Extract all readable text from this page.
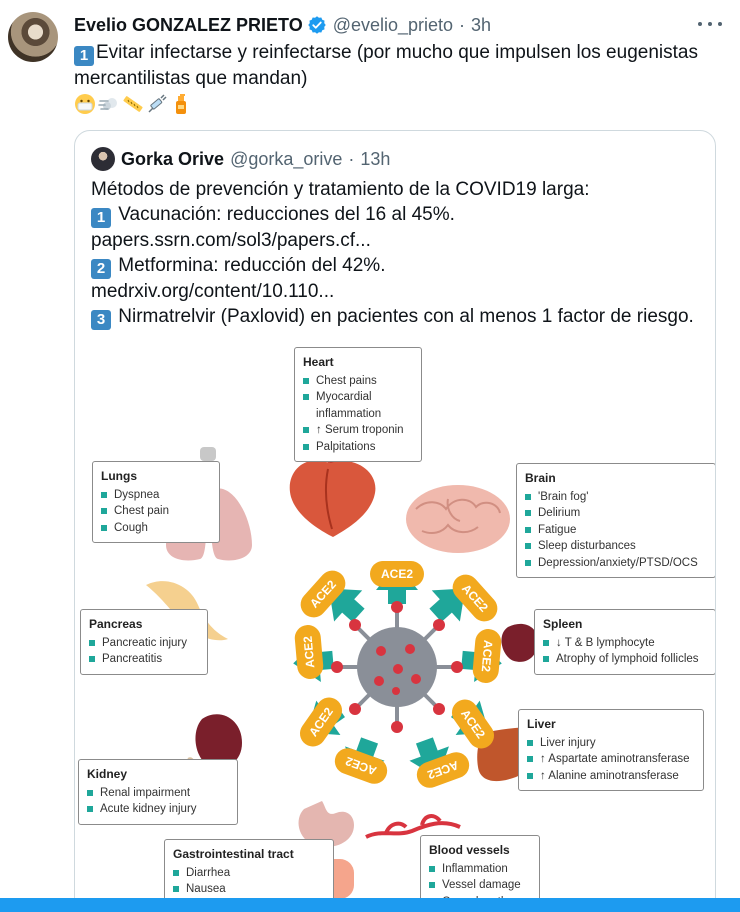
Evelio GONZALEZ PRIETO @evelio_prieto · 3h
1 Evitar infectarse y reinfectarse (por mucho que impulsen los eugenistas mercantilistas que mandan)
Gorka Orive @gorka_orive · 13h
Métodos de prevención y tratamiento de la COVID19 larga:
1 Vacunación: reducciones del 16 al 45%.
papers.ssrn.com/sol3/papers.cf...
2 Metformina: reducción del 42%.
medrxiv.org/content/10.110...
3 Nirmatrelvir (Paxlovid) en pacientes con al menos 1 factor de riesgo.
ACE2
ACE2	ACE2
ACE2	ACE2
ACE2	ACE2
ACE2	ACE2
Heart
Chest pains
Myocardial inflammation
↑ Serum troponin
Palpitations
Lungs
Dyspnea
Chest pain
Cough
Brain
'Brain fog'
Delirium
Fatigue
Sleep disturbances
Depression/anxiety/PTSD/OCS
Pancreas
Pancreatic injury
Pancreatitis
Spleen
↓ T & B lymphocyte
Atrophy of lymphoid follicles
Kidney
Renal impairment
Acute kidney injury
Liver
Liver injury
↑ Aspartate aminotransferase
↑ Alanine aminotransferase
Gastrointestinal tract
Diarrhea
Nausea
Blood vessels
Inflammation
Vessel damage
